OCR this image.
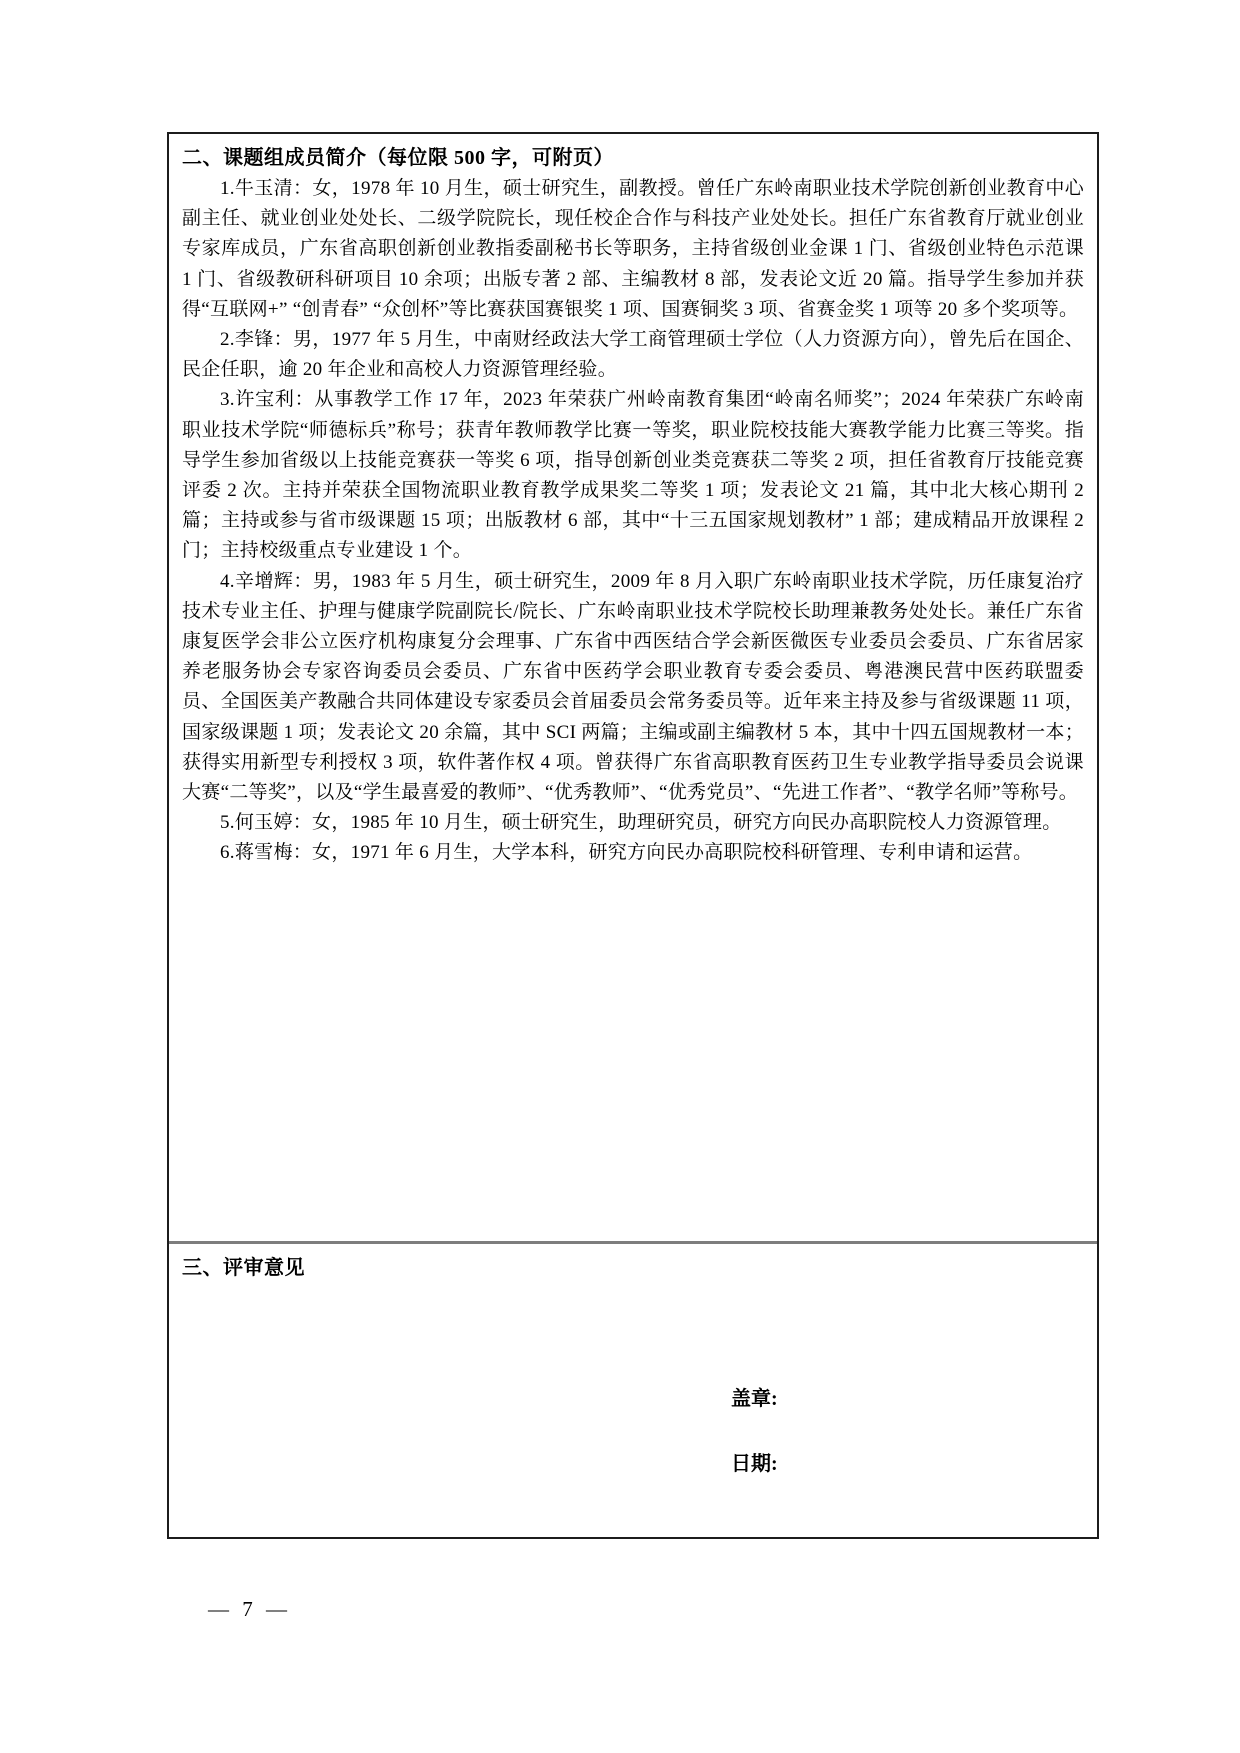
二、课题组成员简介（每位限 500 字，可附页）

1.牛玉清：女，1978 年 10 月生，硕士研究生，副教授。曾任广东岭南职业技术学院创新创业教育中心副主任、就业创业处处长、二级学院院长，现任校企合作与科技产业处处长。担任广东省教育厅就业创业专家库成员，广东省高职创新创业教指委副秘书长等职务，主持省级创业金课 1 门、省级创业特色示范课 1 门、省级教研科研项目 10 余项；出版专著 2 部、主编教材 8 部，发表论文近 20 篇。指导学生参加并获得“互联网+” “创青春” “众创杯”等比赛获国赛银奖 1 项、国赛铜奖 3 项、省赛金奖 1 项等 20 多个奖项等。

2.李锋：男，1977 年 5 月生，中南财经政法大学工商管理硕士学位（人力资源方向），曾先后在国企、民企任职，逾 20 年企业和高校人力资源管理经验。

3.许宝利：从事教学工作 17 年，2023 年荣获广州岭南教育集团“岭南名师奖”；2024 年荣获广东岭南职业技术学院“师德标兵”称号；获青年教师教学比赛一等奖，职业院校技能大赛教学能力比赛三等奖。指导学生参加省级以上技能竞赛获一等奖 6 项，指导创新创业类竞赛获二等奖 2 项，担任省教育厅技能竞赛评委 2 次。主持并荣获全国物流职业教育教学成果奖二等奖 1 项；发表论文 21 篇，其中北大核心期刊 2 篇；主持或参与省市级课题 15 项；出版教材 6 部，其中“十三五国家规划教材” 1 部；建成精品开放课程 2 门；主持校级重点专业建设 1 个。

4.辛增辉：男，1983 年 5 月生，硕士研究生，2009 年 8 月入职广东岭南职业技术学院，历任康复治疗技术专业主任、护理与健康学院副院长/院长、广东岭南职业技术学院校长助理兼教务处处长。兼任广东省康复医学会非公立医疗机构康复分会理事、广东省中西医结合学会新医微医专业委员会委员、广东省居家养老服务协会专家咨询委员会委员、广东省中医药学会职业教育专委会委员、粤港澳民营中医药联盟委员、全国医美产教融合共同体建设专家委员会首届委员会常务委员等。近年来主持及参与省级课题 11 项，国家级课题 1 项；发表论文 20 余篇，其中 SCI 两篇；主编或副主编教材 5 本，其中十四五国规教材一本；获得实用新型专利授权 3 项，软件著作权 4 项。曾获得广东省高职教育医药卫生专业教学指导委员会说课大赛“二等奖”，以及“学生最喜爱的教师”、“优秀教师”、“优秀党员”、“先进工作者”、“教学名师”等称号。

5.何玉婷：女，1985 年 10 月生，硕士研究生，助理研究员，研究方向民办高职院校人力资源管理。

6.蒋雪梅：女，1971 年 6 月生，大学本科，研究方向民办高职院校科研管理、专利申请和运营。

三、评审意见
盖章:
日期:
— 7 —
